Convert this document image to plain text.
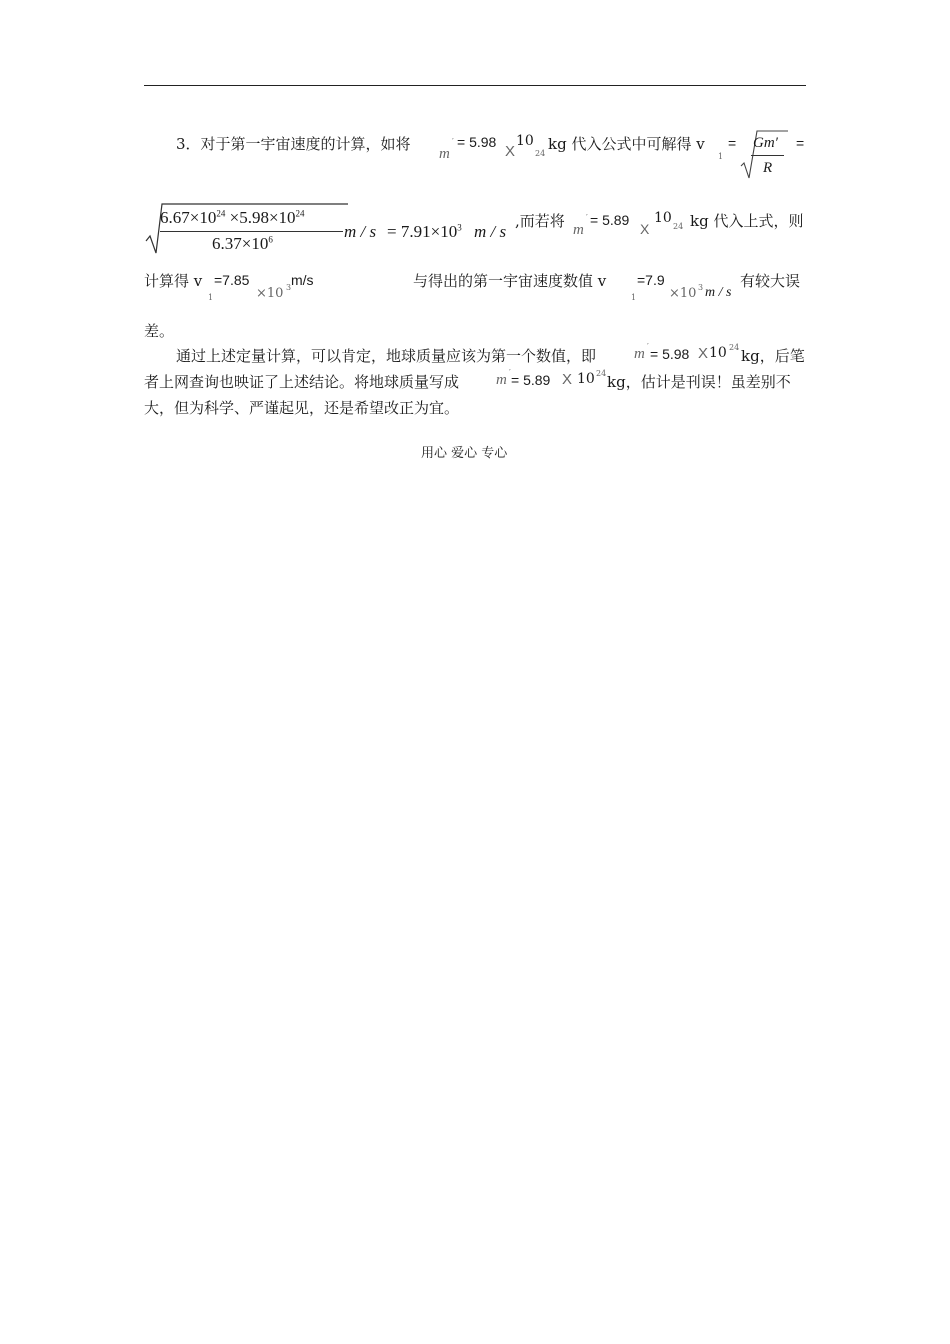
3．对于第一宇宙速度的计算，如将
m
′ = 5.98
X
10
24
kg 代入公式中可解得 v
1
= Gm′
R
=
$6.67\times 10^{24} \times 5.98\times 10^{24}$
$6.37\times 10^6$	$m / s = 7.91\times 10^3$ m / s
,而若将 m
′ = 5.89
X
10
24 kg 代入上式，则
计算得 v
1
=7.85
×10 3 m/s	与得出的第一宇宙速度数值 v
1
=7.9
×10 3 m / s
有较大误
差。
通过上述定量计算，可以肯定，地球质量应该为第一个数值，即	m ′ = 5.98 X 10 24 kg，后笔
者上网查询也映证了上述结论。将地球质量写成 m ′ = 5.89 X 10 24 kg，估计是刊误！虽差别不
大，但为科学、严谨起见，还是希望改正为宜。
用心 爱心 专心
